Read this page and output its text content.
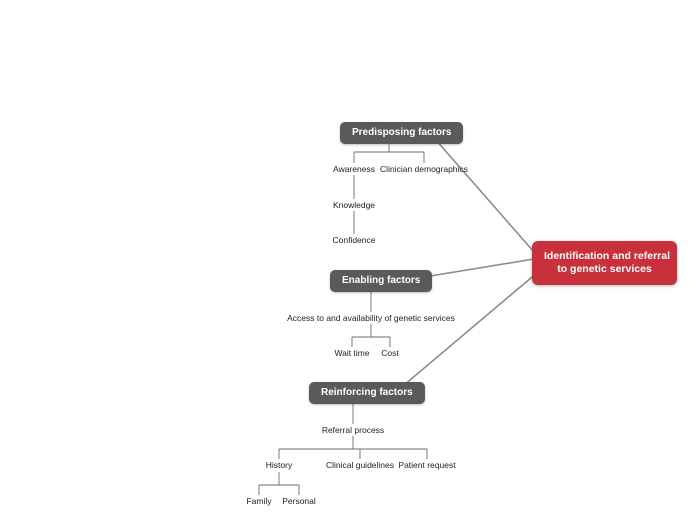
Identification and referral
to genetic services
Predisposing factors
Enabling factors
Reinforcing factors
Awareness Clinician demographics
Knowledge
Confidence
Access to and availability of genetic services
Wait time	Cost
Referral process
History	Clinical guidelines Patient request
Family	Personal
